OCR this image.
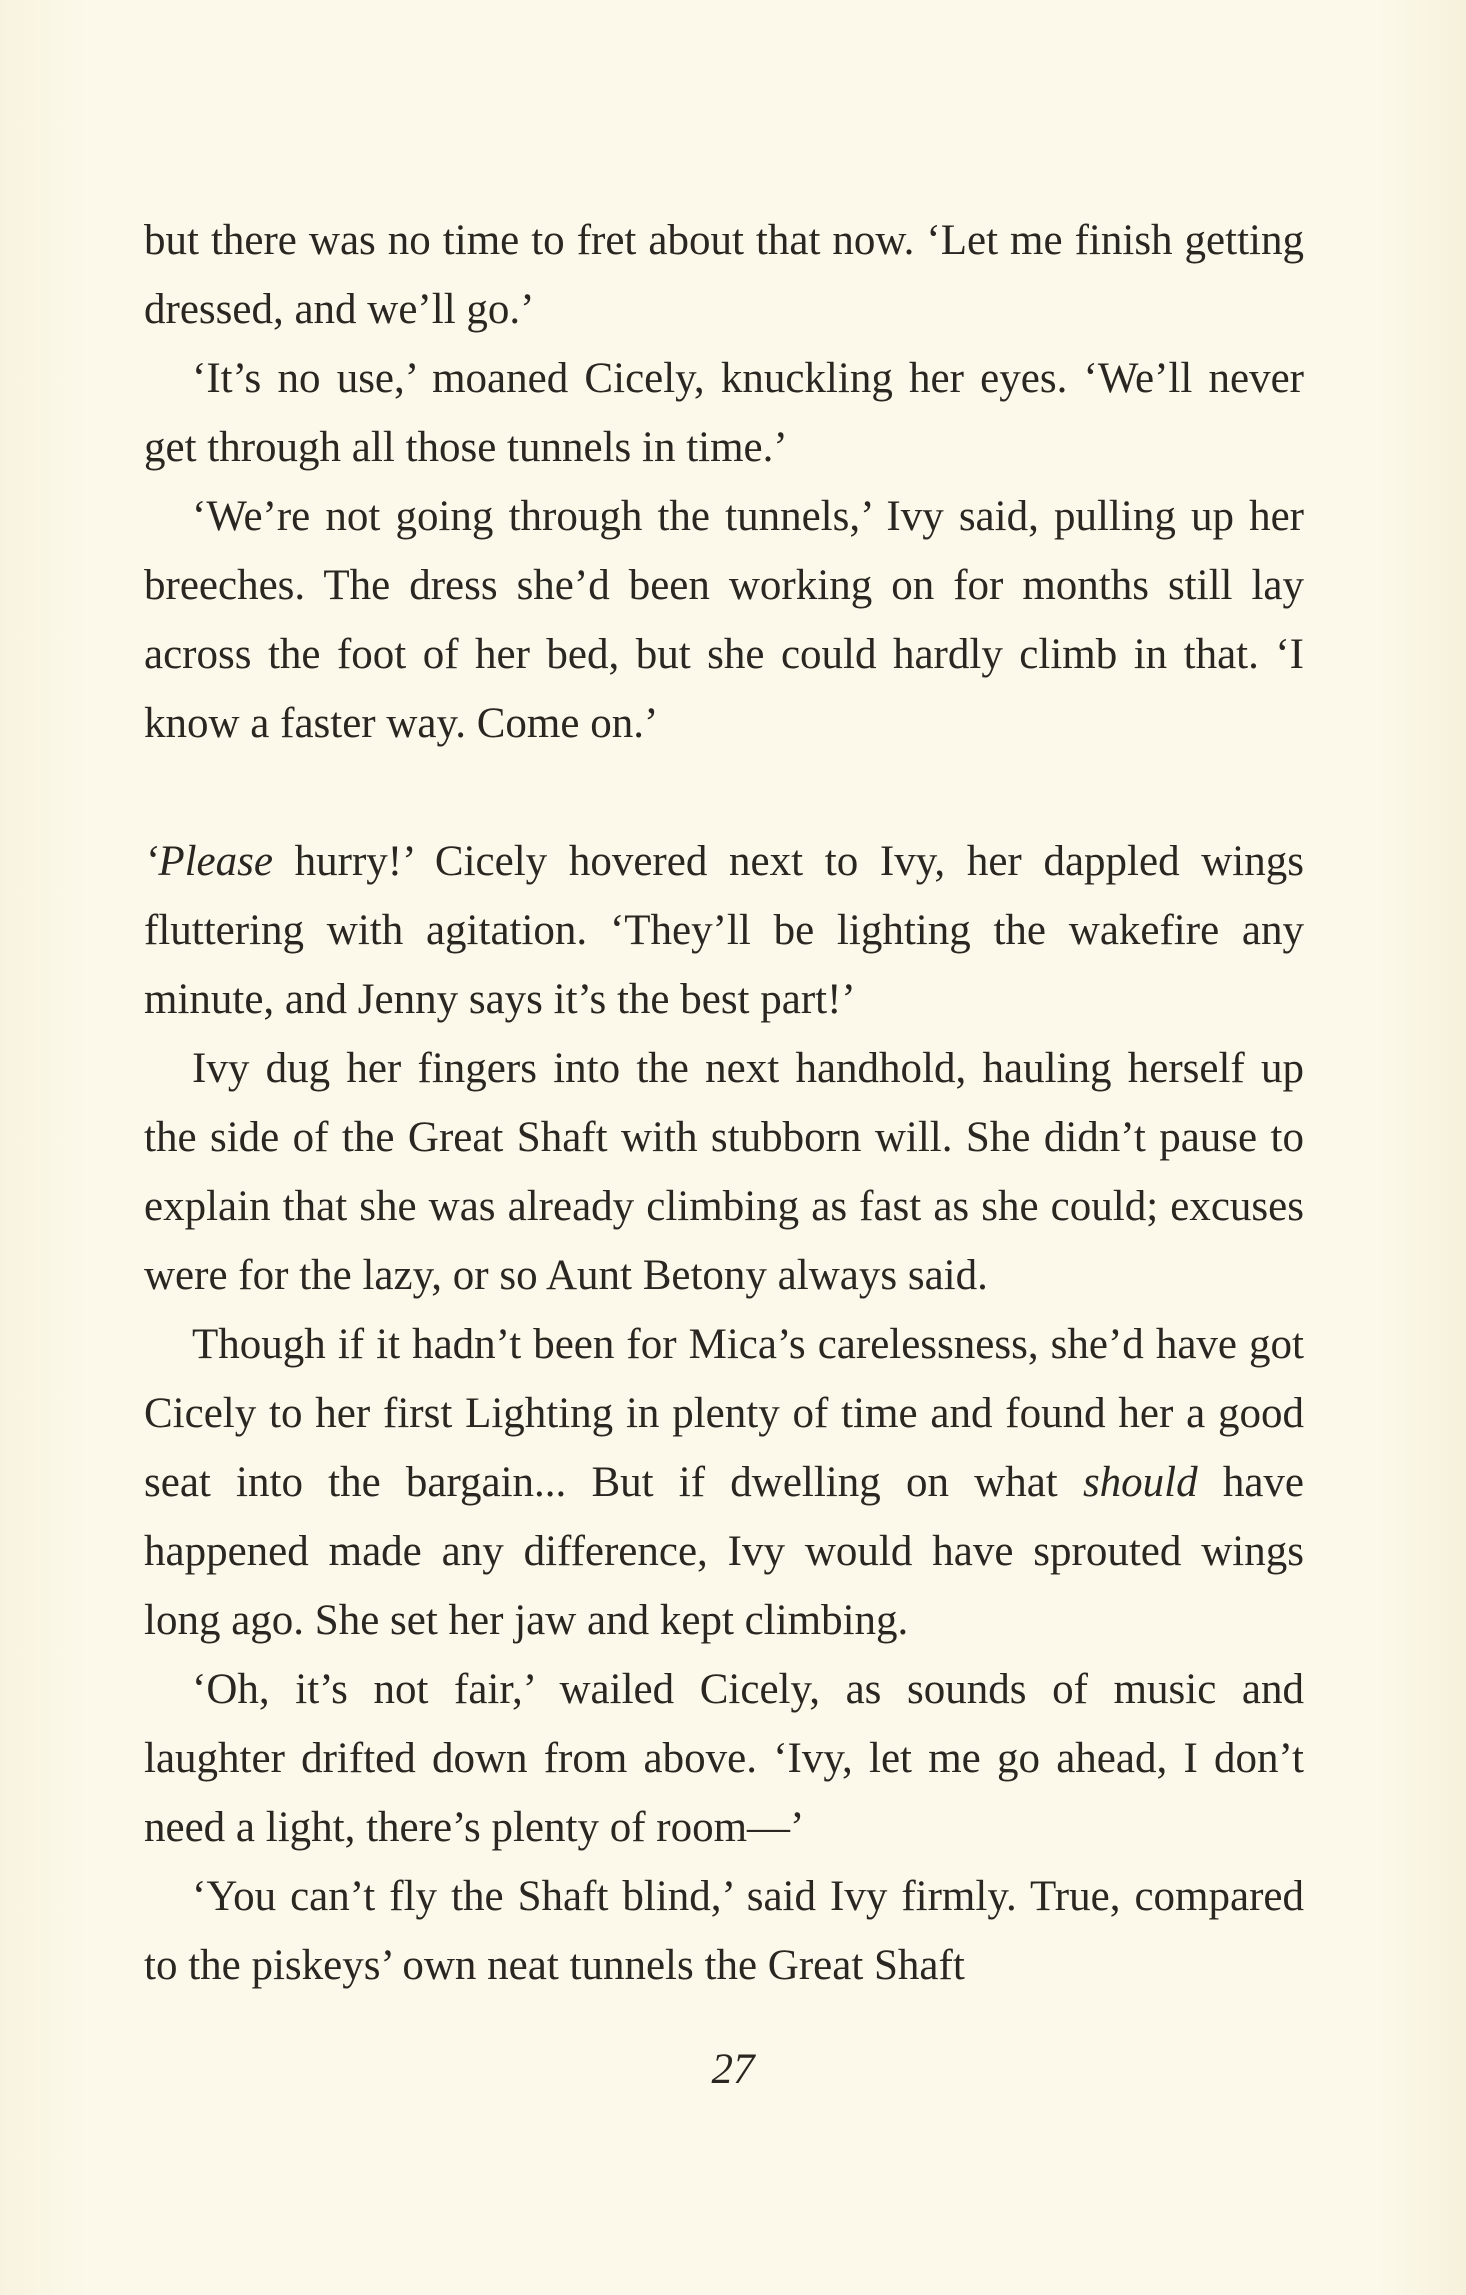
but there was no time to fret about that now. ‘Let me finish getting dressed, and we’ll go.’

‘It’s no use,’ moaned Cicely, knuckling her eyes. ‘We’ll never get through all those tunnels in time.’

‘We’re not going through the tunnels,’ Ivy said, pulling up her breeches. The dress she’d been working on for months still lay across the foot of her bed, but she could hardly climb in that. ‘I know a faster way. Come on.’

‘Please hurry!’ Cicely hovered next to Ivy, her dappled wings fluttering with agitation. ‘They’ll be lighting the wakefire any minute, and Jenny says it’s the best part!’

Ivy dug her fingers into the next handhold, hauling herself up the side of the Great Shaft with stubborn will. She didn’t pause to explain that she was already climbing as fast as she could; excuses were for the lazy, or so Aunt Betony always said.

Though if it hadn’t been for Mica’s carelessness, she’d have got Cicely to her first Lighting in plenty of time and found her a good seat into the bargain... But if dwelling on what should have happened made any difference, Ivy would have sprouted wings long ago. She set her jaw and kept climbing.

‘Oh, it’s not fair,’ wailed Cicely, as sounds of music and laughter drifted down from above. ‘Ivy, let me go ahead, I don’t need a light, there’s plenty of room—’

‘You can’t fly the Shaft blind,’ said Ivy firmly. True, compared to the piskeys’ own neat tunnels the Great Shaft

27
